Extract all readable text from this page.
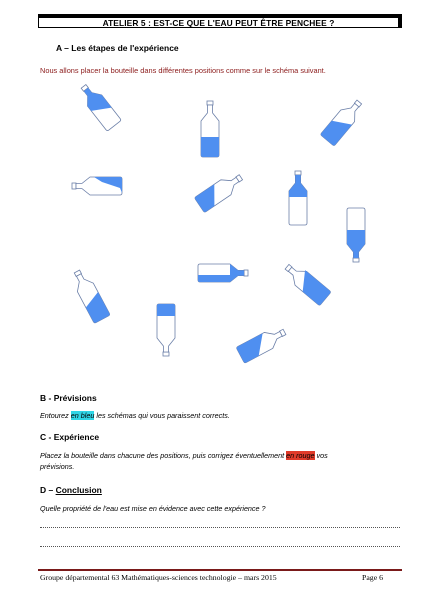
ATELIER 5 : EST-CE QUE L'EAU PEUT ÊTRE PENCHEE ?
A – Les étapes de l'expérience
Nous allons placer la bouteille dans différentes positions comme sur le schéma suivant.
B - Prévisions
Entourez en bleu les schémas qui vous paraissent corrects.
C - Expérience
Placez la bouteille dans chacune des positions, puis corrigez éventuellement en rouge vos
prévisions.
D – Conclusion
Quelle propriété de l'eau est mise en évidence avec cette expérience ?
Groupe départemental 63 Mathématiques-sciences technologie – mars 2015	Page 6
